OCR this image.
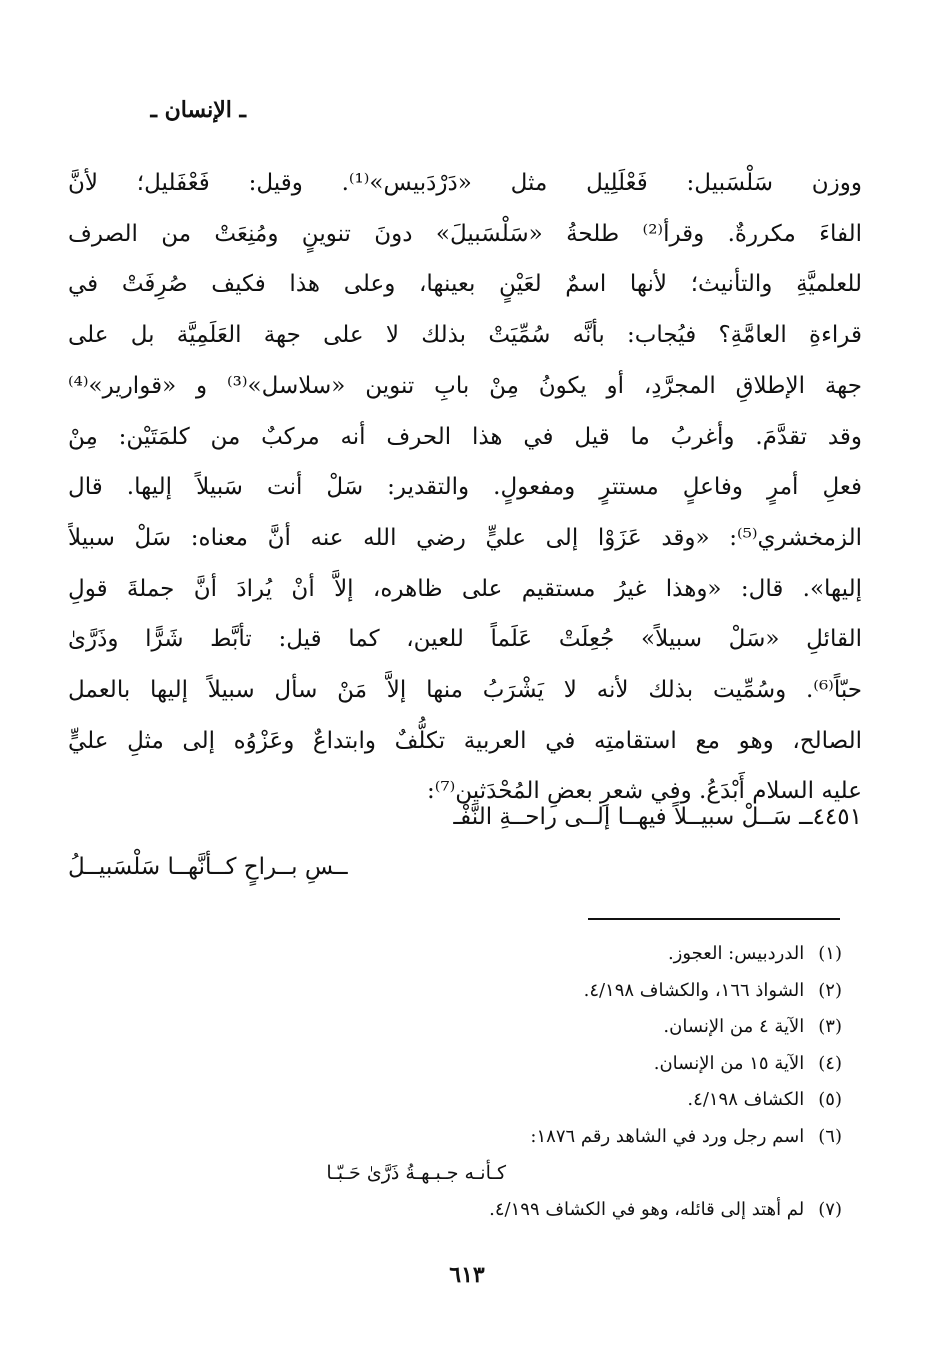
ـ الإنسان ـ
ووزن سَلْسَبيل: فَعْلَلِيل مثل «دَرْدَبيس»⁽¹⁾. وقيل: فَعْفَليل؛ لأنَّ
الفاءَ مكررةٌ. وقرأ⁽²⁾ طلحةُ «سَلْسَبيلَ» دونَ تنوينٍ ومُنِعَتْ من الصرف
للعلميَّةِ والتأنيث؛ لأنها اسمٌ لعَيْنٍ بعينها، وعلى هذا فكيف صُرِفَتْ في
قراءةِ العامَّةِ؟ فيُجاب: بأنَّه سُمِّيَتْ بذلك لا على جهة العَلَمِيَّة بل على
جهة الإطلاقِ المجرَّدِ، أو يكونُ مِنْ بابِ تنوين «سلاسل»⁽³⁾ و «قوارير»⁽⁴⁾
وقد تقدَّمَ. وأغربُ ما قيل في هذا الحرف أنه مركبٌ من كلمَتَيْن: مِنْ
فعلِ أمرٍ وفاعلٍ مستترٍ ومفعولٍ. والتقدير: سَلْ أنت سَبيلاً إليها. قال
الزمخشري⁽⁵⁾: «وقد عَزَوْا إلى عليٍّ رضي الله عنه أنَّ معناه: سَلْ سبيلاً
إليها». قال: «وهذا غيرُ مستقيم على ظاهره، إلاَّ أنْ يُرادَ أنَّ جملةَ قولِ
القائلِ «سَلْ سبيلاً» جُعِلَتْ عَلَماً للعين، كما قيل: تأبَّط شَرًّا وذَرَّىٰ
حبّاً⁽⁶⁾. وسُمِّيت بذلك لأنه لا يَشْرَبُ منها إلاَّ مَنْ سأل سبيلاً إليها بالعمل
الصالح، وهو مع استقامتِه في العربية تكلُّفٌ وابتداعٌ وعَزْوُه إلى مثلِ عليٍّ
عليه السلام أَبْدَعُ. وفي شعرِ بعضِ المُحْدَثين⁽⁷⁾:
٤٤٥١ــ سَــلْ سبيــلاً فيهــا إلــى راحــةِ النَّفْـ
ــسِ بــراحٍ كــأنَّهــا سَلْسَبيــلُ
(١)الدردبيس: العجوز.
(٢)الشواذ ١٦٦، والكشاف ٤/١٩٨.
(٣)الآية ٤ من الإنسان.
(٤)الآية ١٥ من الإنسان.
(٥)الكشاف ٤/١٩٨.
(٦)اسم رجل ورد في الشاهد رقم ١٨٧٦:
كـأنـه جـبـهـةُ ذَرَّىٰ حَـبّـا
(٧)لم أهتد إلى قائله، وهو في الكشاف ٤/١٩٩.
٦١٣
